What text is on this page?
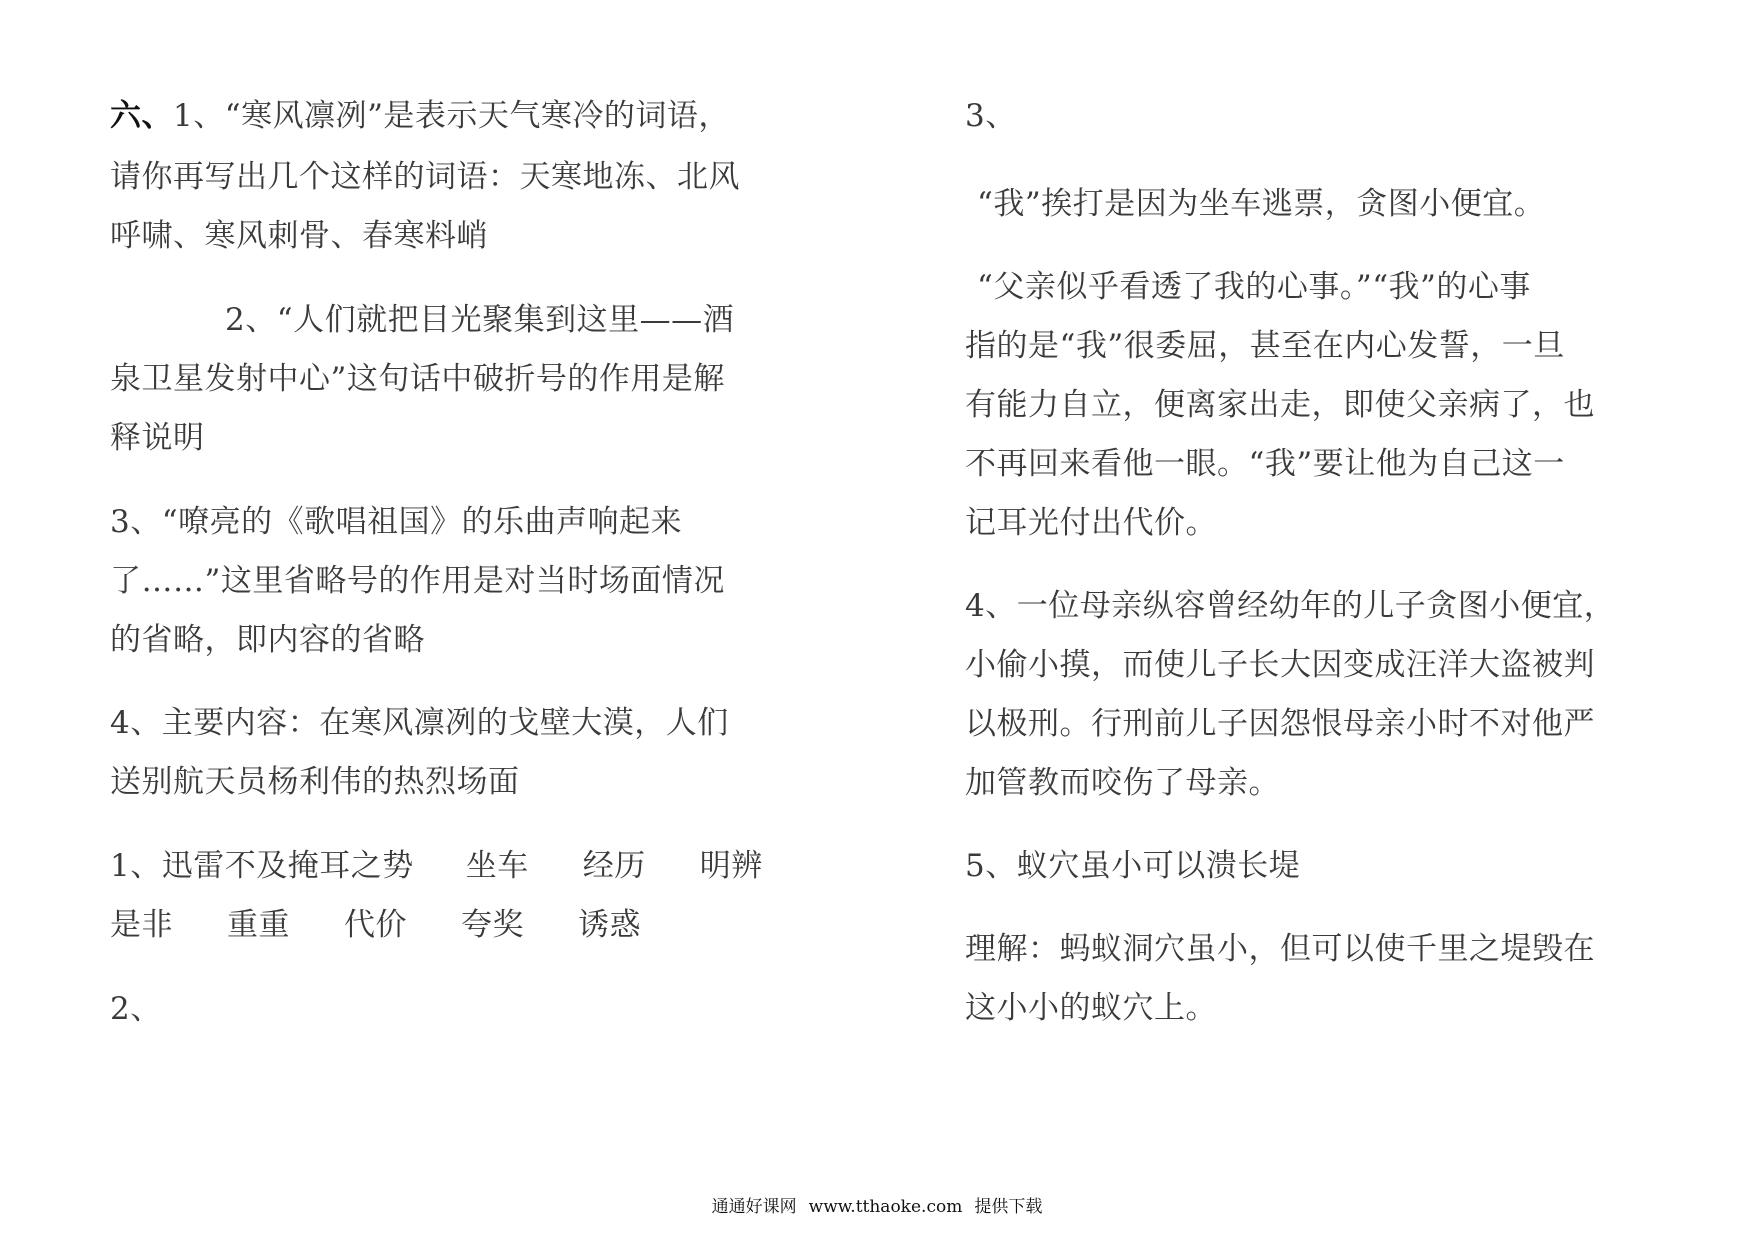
六、1、“寒风凛冽”是表示天气寒冷的词语，
请你再写出几个这样的词语：天寒地冻、北风
呼啸、寒风刺骨、春寒料峭
2、“人们就把目光聚集到这里——酒
泉卫星发射中心”这句话中破折号的作用是解
释说明
3、“嘹亮的《歌唱祖国》的乐曲声响起来
了……”这里省略号的作用是对当时场面情况
的省略，即内容的省略
4、主要内容：在寒风凛冽的戈壁大漠，人们
送别航天员杨利伟的热烈场面
1、迅雷不及掩耳之势 坐车 经历 明辨
是非 重重 代价 夸奖 诱惑
2、
3、
“我”挨打是因为坐车逃票，贪图小便宜。
“父亲似乎看透了我的心事。”“我”的心事
指的是“我”很委屈，甚至在内心发誓，一旦
有能力自立，便离家出走，即使父亲病了，也
不再回来看他一眼。“我”要让他为自己这一
记耳光付出代价。
4、一位母亲纵容曾经幼年的儿子贪图小便宜，
小偷小摸，而使儿子长大因变成汪洋大盗被判
以极刑。行刑前儿子因怨恨母亲小时不对他严
加管教而咬伤了母亲。
5、蚁穴虽小可以溃长堤
理解：蚂蚁洞穴虽小，但可以使千里之堤毁在
这小小的蚁穴上。
通通好课网 www.tthaoke.com 提供下载
